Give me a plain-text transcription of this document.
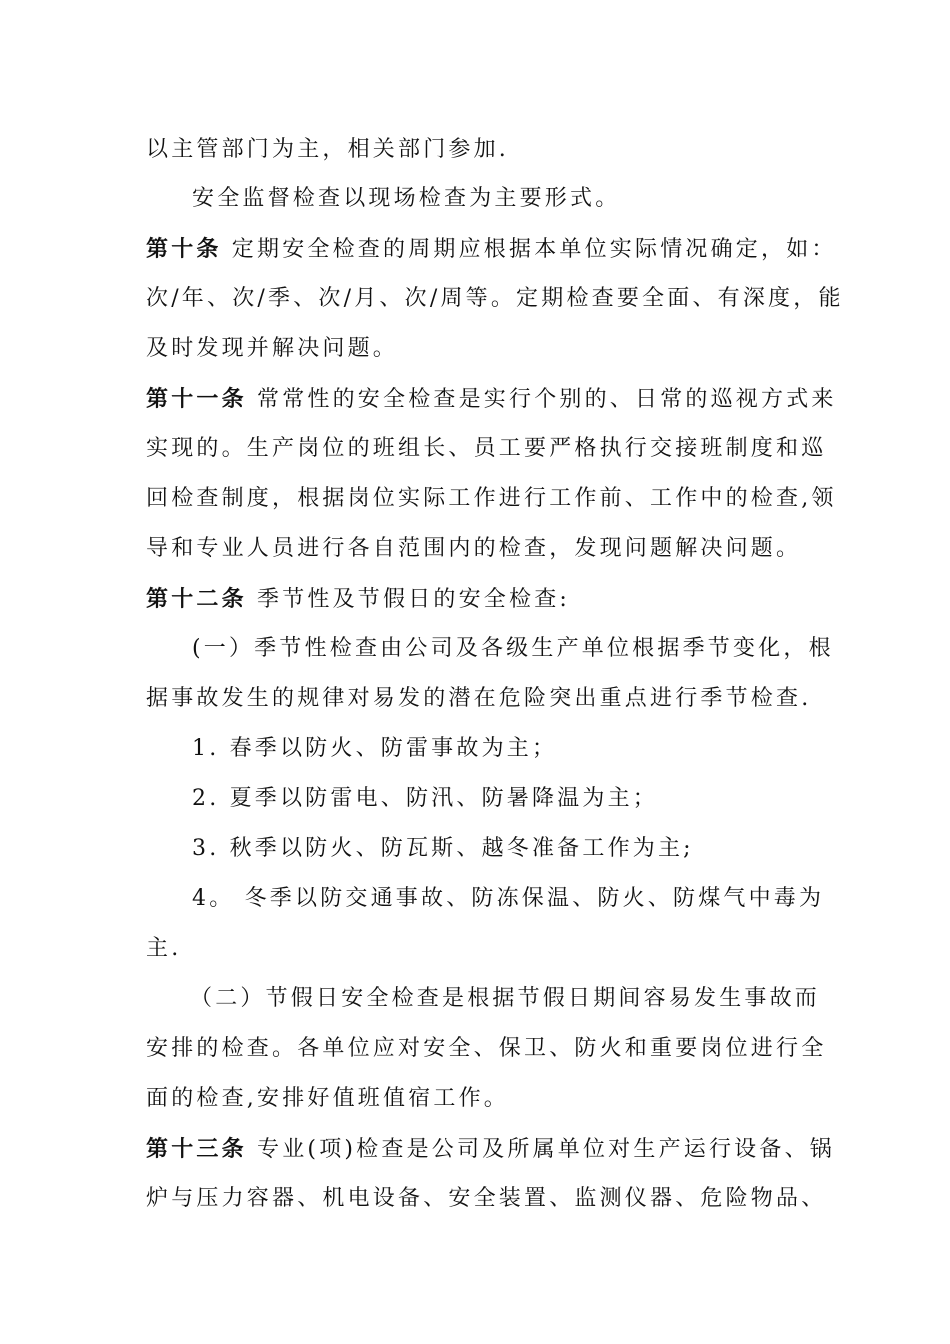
以主管部门为主，相关部门参加.
安全监督检查以现场检查为主要形式。
第十条 定期安全检查的周期应根据本单位实际情况确定，如：
次/年、次/季、次/月、次/周等。定期检查要全面、有深度，能
及时发现并解决问题。
第十一条 常常性的安全检查是实行个别的、日常的巡视方式来
实现的。生产岗位的班组长、员工要严格执行交接班制度和巡
回检查制度，根据岗位实际工作进行工作前、工作中的检查,领
导和专业人员进行各自范围内的检查，发现问题解决问题。
第十二条 季节性及节假日的安全检查:
(一）季节性检查由公司及各级生产单位根据季节变化，根
据事故发生的规律对易发的潜在危险突出重点进行季节检查.
1. 春季以防火、防雷事故为主；
2. 夏季以防雷电、防汛、防暑降温为主；
3. 秋季以防火、防瓦斯、越冬准备工作为主;
4。 冬季以防交通事故、防冻保温、防火、防煤气中毒为
主.
（二）节假日安全检查是根据节假日期间容易发生事故而
安排的检查。各单位应对安全、保卫、防火和重要岗位进行全
面的检查,安排好值班值宿工作。
第十三条 专业(项)检查是公司及所属单位对生产运行设备、锅
炉与压力容器、机电设备、安全装置、监测仪器、危险物品、
